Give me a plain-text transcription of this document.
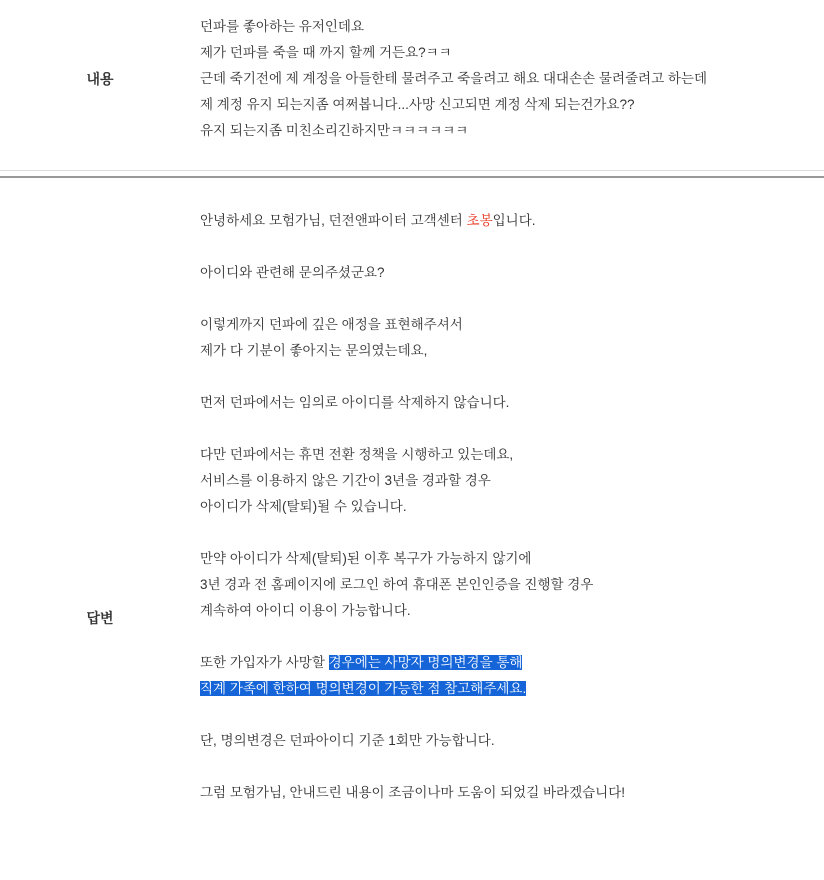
내용
던파를 좋아하는 유저인데요
제가 던파를 죽을 때 까지 할께 거든요?ㅋㅋ
근데 죽기전에 제 계정을 아들한테 물려주고 죽을려고 해요 대대손손 물려줄려고 하는데
제 계정 유지 되는지좀 여쩌봅니다...사망 신고되면 계정 삭제 되는건가요??
유지 되는지좀 미친소리긴하지만ㅋㅋㅋㅋㅋㅋ
답변
안녕하세요 모험가님, 던전앤파이터 고객센터 초봉입니다.
아이디와 관련해 문의주셨군요?
이렇게까지 던파에 깊은 애정을 표현해주셔서
제가 다 기분이 좋아지는 문의였는데요,
먼저 던파에서는 임의로 아이디를 삭제하지 않습니다.
다만 던파에서는 휴면 전환 정책을 시행하고 있는데요,
서비스를 이용하지 않은 기간이 3년을 경과할 경우
아이디가 삭제(탈퇴)될 수 있습니다.
만약 아이디가 삭제(탈퇴)된 이후 복구가 가능하지 않기에
3년 경과 전 홈페이지에 로그인 하여 휴대폰 본인인증을 진행할 경우
계속하여 아이디 이용이 가능합니다.
또한 가입자가 사망할 경우에는 사망자 명의변경을 통해
직계 가족에 한하여 명의변경이 가능한 점 참고해주세요.
단, 명의변경은 던파아이디 기준 1회만 가능합니다.
그럼 모험가님, 안내드린 내용이 조금이나마 도움이 되었길 바라겠습니다!
